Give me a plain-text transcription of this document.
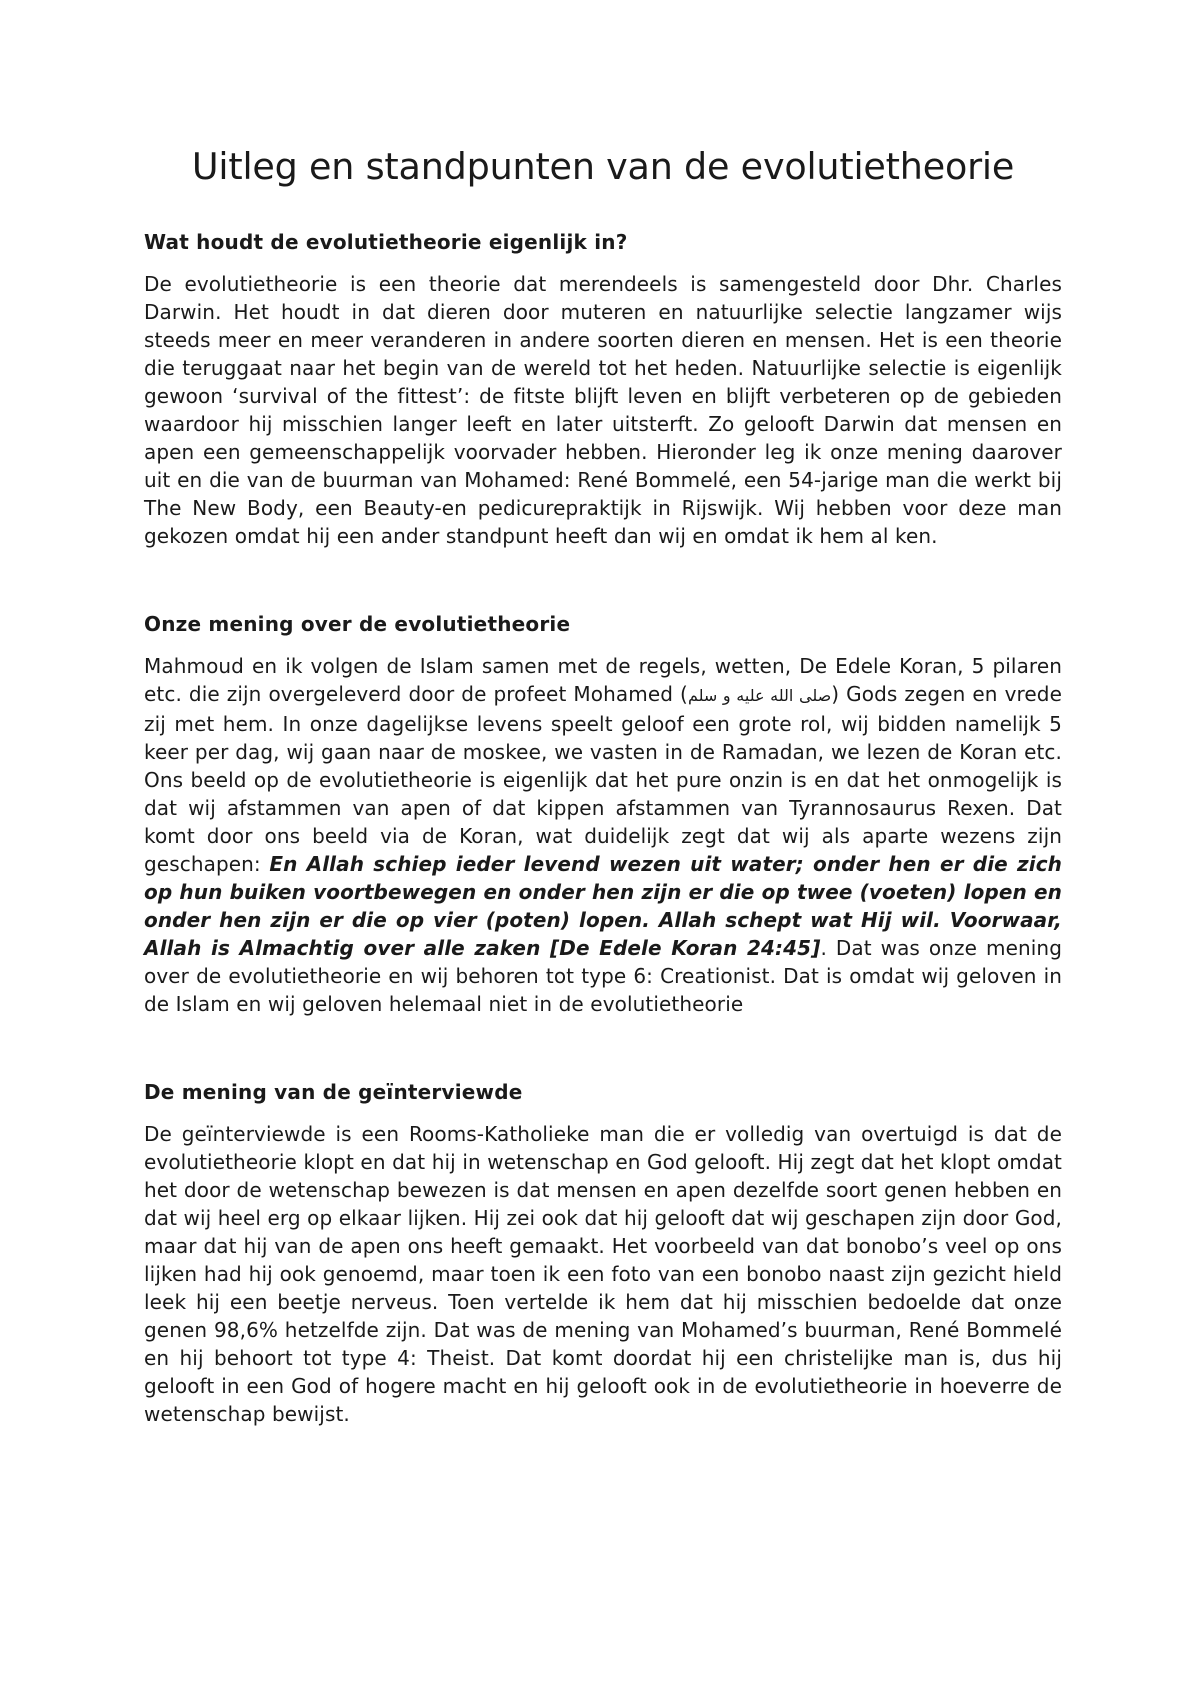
Uitleg en standpunten van de evolutietheorie
Wat houdt de evolutietheorie eigenlijk in?

De evolutietheorie is een theorie dat merendeels is samengesteld door Dhr. Charles Darwin. Het houdt in dat dieren door muteren en natuurlijke selectie langzamer wijs steeds meer en meer veranderen in andere soorten dieren en mensen. Het is een theorie die teruggaat naar het begin van de wereld tot het heden. Natuurlijke selectie is eigenlijk gewoon ‘survival of the fittest’: de fitste blijft leven en blijft verbeteren op de gebieden waardoor hij misschien langer leeft en later uitsterft. Zo gelooft Darwin dat mensen en apen een gemeenschappelijk voorvader hebben. Hieronder leg ik onze mening daarover uit en die van de buurman van Mohamed: René Bommelé, een 54-jarige man die werkt bij The New Body, een Beauty-en pedicurepraktijk in Rijswijk. Wij hebben voor deze man gekozen omdat hij een ander standpunt heeft dan wij en omdat ik hem al ken.

Onze mening over de evolutietheorie

Mahmoud en ik volgen de Islam samen met de regels, wetten, De Edele Koran, 5 pilaren etc. die zijn overgeleverd door de profeet Mohamed (صلى الله عليه و سلم) Gods zegen en vrede zij met hem. In onze dagelijkse levens speelt geloof een grote rol, wij bidden namelijk 5 keer per dag, wij gaan naar de moskee, we vasten in de Ramadan, we lezen de Koran etc. Ons beeld op de evolutietheorie is eigenlijk dat het pure onzin is en dat het onmogelijk is dat wij afstammen van apen of dat kippen afstammen van Tyrannosaurus Rexen. Dat komt door ons beeld via de Koran, wat duidelijk zegt dat wij als aparte wezens zijn geschapen: En Allah schiep ieder levend wezen uit water; onder hen er die zich op hun buiken voortbewegen en onder hen zijn er die op twee (voeten) lopen en onder hen zijn er die op vier (poten) lopen. Allah schept wat Hij wil. Voorwaar, Allah is Almachtig over alle zaken [De Edele Koran 24:45]. Dat was onze mening over de evolutietheorie en wij behoren tot type 6: Creationist. Dat is omdat wij geloven in de Islam en wij geloven helemaal niet in de evolutietheorie

De mening van de geïnterviewde

De geïnterviewde is een Rooms-Katholieke man die er volledig van overtuigd is dat de evolutietheorie klopt en dat hij in wetenschap en God gelooft. Hij zegt dat het klopt omdat het door de wetenschap bewezen is dat mensen en apen dezelfde soort genen hebben en dat wij heel erg op elkaar lijken. Hij zei ook dat hij gelooft dat wij geschapen zijn door God, maar dat hij van de apen ons heeft gemaakt. Het voorbeeld van dat bonobo’s veel op ons lijken had hij ook genoemd, maar toen ik een foto van een bonobo naast zijn gezicht hield leek hij een beetje nerveus. Toen vertelde ik hem dat hij misschien bedoelde dat onze genen 98,6% hetzelfde zijn. Dat was de mening van Mohamed’s buurman, René Bommelé en hij behoort tot type 4: Theist. Dat komt doordat hij een christelijke man is, dus hij gelooft in een God of hogere macht en hij gelooft ook in de evolutietheorie in hoeverre de wetenschap bewijst.
